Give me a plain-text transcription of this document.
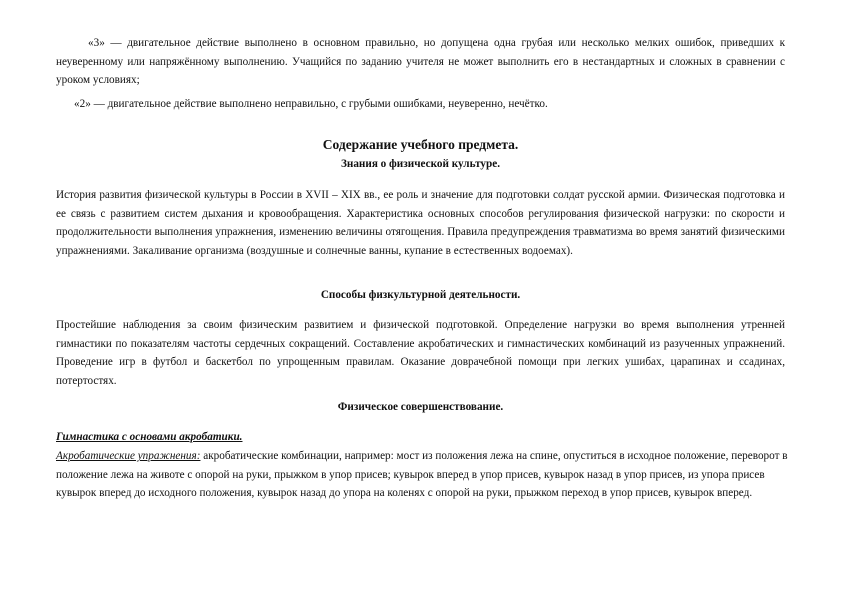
«3» — двигательное действие выполнено в основном правильно, но допущена одна грубая или несколько мелких ошибок, приведших к неуверенному или напряжённому выполнению. Учащийся по заданию учителя не может выполнить его в нестандартных и сложных в сравнении с уроком условиях;

«2» — двигательное действие выполнено неправильно, с грубыми ошибками, неуверенно, нечётко.

Содержание учебного предмета.
Знания о физической культуре.

История развития физической культуры в России в XVII – XIX вв., ее роль и значение для подготовки солдат русской армии. Физическая подготовка и ее связь с развитием систем дыхания и кровообращения. Характеристика основных способов регулирования физической нагрузки: по скорости и продолжительности выполнения упражнения, изменению величины отягощения. Правила предупреждения травматизма во время занятий физическими упражнениями. Закаливание организма (воздушные и солнечные ванны, купание в естественных водоемах).

Способы физкультурной деятельности.

Простейшие наблюдения за своим физическим развитием и физической подготовкой. Определение нагрузки во время выполнения утренней гимнастики по показателям частоты сердечных сокращений. Составление акробатических и гимнастических комбинаций из разученных упражнений. Проведение игр в футбол и баскетбол по упрощенным правилам. Оказание доврачебной помощи при легких ушибах, царапинах и ссадинах, потертостях.

Физическое совершенствование.
Гимнастика с основами акробатики.

Акробатические упражнения: акробатические комбинации, например: мост из положения лежа на спине, опуститься в исходное положение, переворот в положение лежа на животе с опорой на руки, прыжком в упор присев; кувырок вперед в упор присев, кувырок назад в упор присев, из упора присев кувырок вперед до исходного положения, кувырок назад до упора на коленях с опорой на руки, прыжком переход в упор присев, кувырок вперед.
